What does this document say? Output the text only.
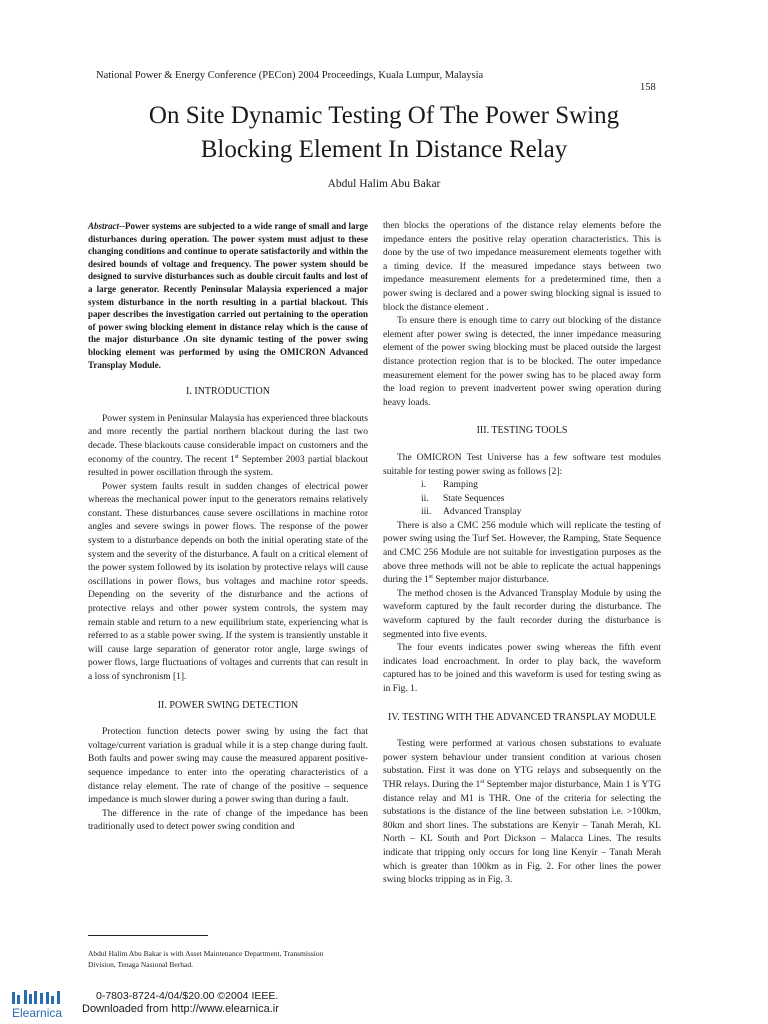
National Power & Energy Conference (PECon) 2004 Proceedings, Kuala Lumpur, Malaysia
158
On Site Dynamic Testing Of The Power Swing
Blocking Element In Distance Relay
Abdul Halim Abu Bakar

Abstract--Power systems are subjected to a wide range of small and large disturbances during operation. The power system must adjust to these changing conditions and continue to operate satisfactorily and within the desired bounds of voltage and frequency. The power system should be designed to survive disturbances such as double circuit faults and lost of a large generator. Recently Peninsular Malaysia experienced a major system disturbance in the north resulting in a partial blackout. This paper describes the investigation carried out pertaining to the operation of power swing blocking element in distance relay which is the cause of the major disturbance .On site dynamic testing of the power swing blocking element was performed by using the OMICRON Advanced Transplay Module.

I. INTRODUCTION

Power system in Peninsular Malaysia has experienced three blackouts and more recently the partial northern blackout during the last two decade. These blackouts cause considerable impact on customers and the economy of the country. The recent 1st September 2003 partial blackout resulted in power oscillation through the system.

Power system faults result in sudden changes of electrical power whereas the mechanical power input to the generators remains relatively constant. These disturbances cause severe oscillations in machine rotor angles and severe swings in power flows. The response of the power system to a disturbance depends on both the initial operating state of the system and the severity of the disturbance. A fault on a critical element of the power system followed by its isolation by protective relays will cause oscillations in power flows, bus voltages and machine rotor speeds. Depending on the severity of the disturbance and the actions of protective relays and other power system controls, the system may remain stable and return to a new equilibrium state, experiencing what is referred to as a stable power swing. If the system is transiently unstable it will cause large separation of generator rotor angle, large swings of power flows, large fluctuations of voltages and currents that can result in a loss of synchronism [1].

II. POWER SWING DETECTION

Protection function detects power swing by using the fact that voltage/current variation is gradual while it is a step change during fault. Both faults and power swing may cause the measured apparent positive-sequence impedance to enter into the operating characteristics of a distance relay element. The rate of change of the positive – sequence impedance is much slower during a power swing than during a fault.

The difference in the rate of change of the impedance has been traditionally used to detect power swing condition and

then blocks the operations of the distance relay elements before the impedance enters the positive relay operation characteristics. This is done by the use of two impedance measurement elements together with a timing device. If the measured impedance stays between two impedance measurement elements for a predetermined time, then a power swing is declared and a power swing blocking signal is issued to block the distance element .

To ensure there is enough time to carry out blocking of the distance element after power swing is detected, the inner impedance measuring element of the power swing blocking must be placed outside the largest distance protection region that is to be blocked. The outer impedance measurement element for the power swing has to be placed away form the load region to prevent inadvertent power swing operation during heavy loads.

III. TESTING TOOLS

The OMICRON Test Universe has a few software test modules suitable for testing power swing as follows [2]:

i.	Ramping
ii.	State Sequences
iii.	Advanced Transplay

There is also a CMC 256 module which will replicate the testing of power swing using the Turf Set. However, the Ramping, State Sequence and CMC 256 Module are not suitable for investigation purposes as the above three methods will not be able to replicate the actual happenings during the 1st September major disturbance.

The method chosen is the Advanced Transplay Module by using the waveform captured by the fault recorder during the disturbance. The waveform captured by the fault recorder during the disturbance is segmented into five events.

The four events indicates power swing whereas the fifth event indicates load encroachment. In order to play back, the waveform captured has to be joined and this waveform is used for testing swing as in Fig. 1.

IV. TESTING WITH THE ADVANCED TRANSPLAY MODULE

Testing were performed at various chosen substations to evaluate power system behaviour under transient condition at various chosen substation. First it was done on YTG relays and subsequently on the THR relays. During the 1st September major disturbance, Main 1 is YTG distance relay and M1 is THR. One of the criteria for selecting the substations is the distance of the line between substation i.e. >100km, 80km and short lines. The substations are Kenyir – Tanah Merah, KL North – KL South and Port Dickson – Malacca Lines. The results indicate that tripping only occurs for long line Kenyir – Tanah Merah which is greater than 100km as in Fig. 2. For other lines the power swing blocks tripping as in Fig. 3.

Abdul Halim Abu Bakar is with Asset Maintenance Department, Transmission Division, Tenaga Nasional Berhad.
Elearnica
0-7803-8724-4/04/$20.00 ©2004 IEEE.
Downloaded from http://www.elearnica.ir
